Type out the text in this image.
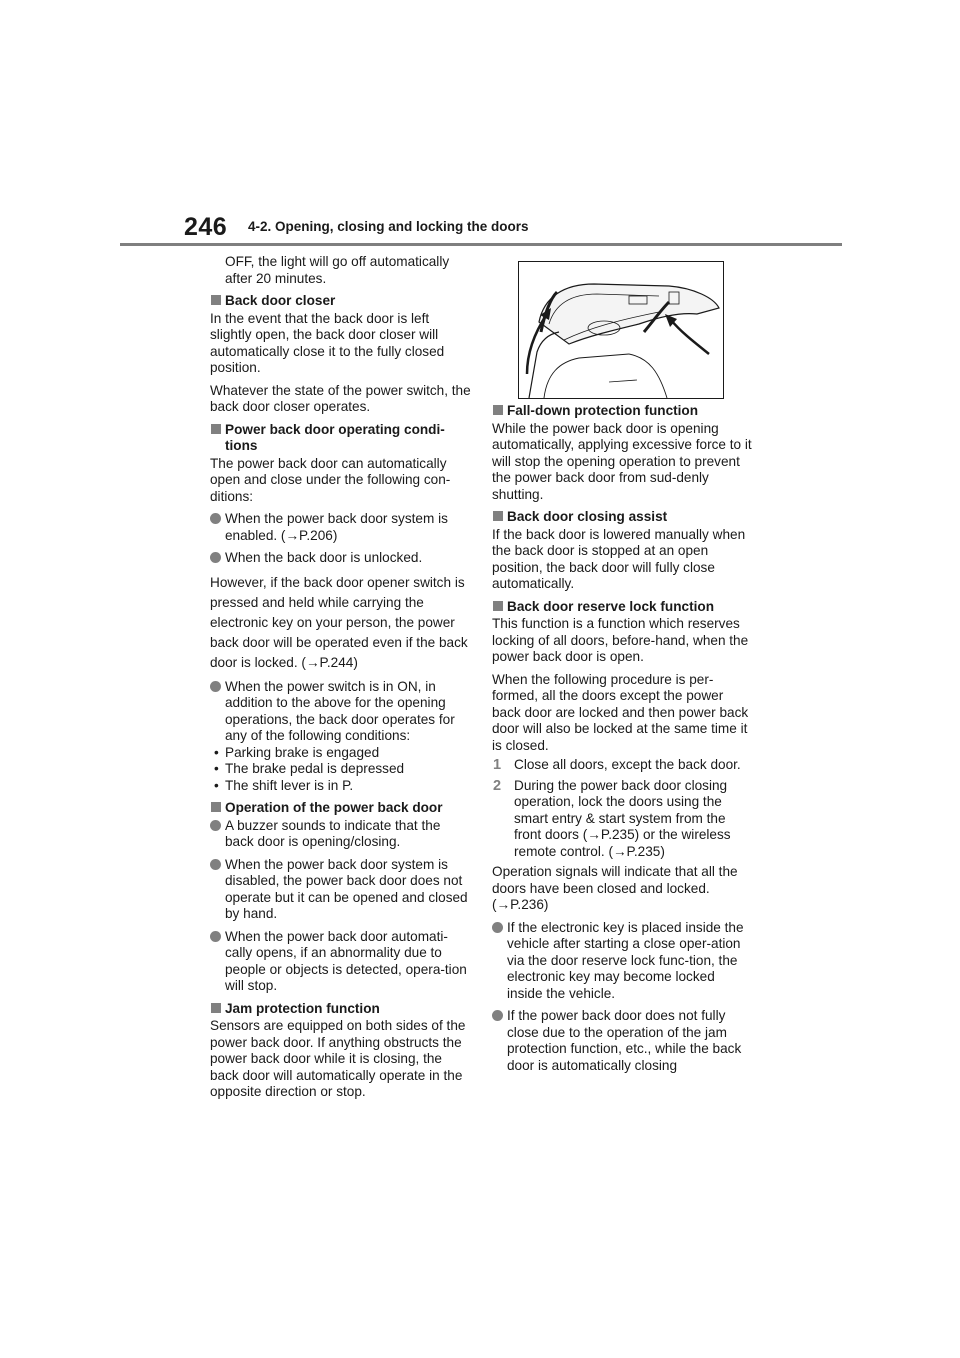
246 4-2. Opening, closing and locking the doors
OFF, the light will go off automatically after 20 minutes.
Back door closer
In the event that the back door is left slightly open, the back door closer will automatically close it to the fully closed position.
Whatever the state of the power switch, the back door closer operates.
Power back door operating condi-tions
The power back door can automatically open and close under the following con-ditions:
When the power back door system is enabled. (→P.206)
When the back door is unlocked.
However, if the back door opener switch is pressed and held while carrying the electronic key on your person, the power back door will be operated even if the back door is locked. (→P.244)
When the power switch is in ON, in addition to the above for the opening operations, the back door operates for any of the following conditions:
• Parking brake is engaged
• The brake pedal is depressed
• The shift lever is in P.
Operation of the power back door
A buzzer sounds to indicate that the back door is opening/closing.
When the power back door system is disabled, the power back door does not operate but it can be opened and closed by hand.
When the power back door automati-cally opens, if an abnormality due to people or objects is detected, opera-tion will stop.
Jam protection function
Sensors are equipped on both sides of the power back door. If anything obstructs the power back door while it is closing, the back door will automatically operate in the opposite direction or stop.
Fall-down protection function
While the power back door is opening automatically, applying excessive force to it will stop the opening operation to prevent the power back door from sud-denly shutting.
Back door closing assist
If the back door is lowered manually when the back door is stopped at an open position, the back door will fully close automatically.
Back door reserve lock function
This function is a function which reserves locking of all doors, before-hand, when the power back door is open.
When the following procedure is per-formed, all the doors except the power back door are locked and then power back door will also be locked at the same time it is closed.
1 Close all doors, except the back door.
2 During the power back door closing operation, lock the doors using the smart entry & start system from the front doors (→P.235) or the wireless remote control. (→P.235)
Operation signals will indicate that all the doors have been closed and locked. (→P.236)
If the electronic key is placed inside the vehicle after starting a close oper-ation via the door reserve lock func-tion, the electronic key may become locked inside the vehicle.
If the power back door does not fully close due to the operation of the jam protection function, etc., while the back door is automatically closing
